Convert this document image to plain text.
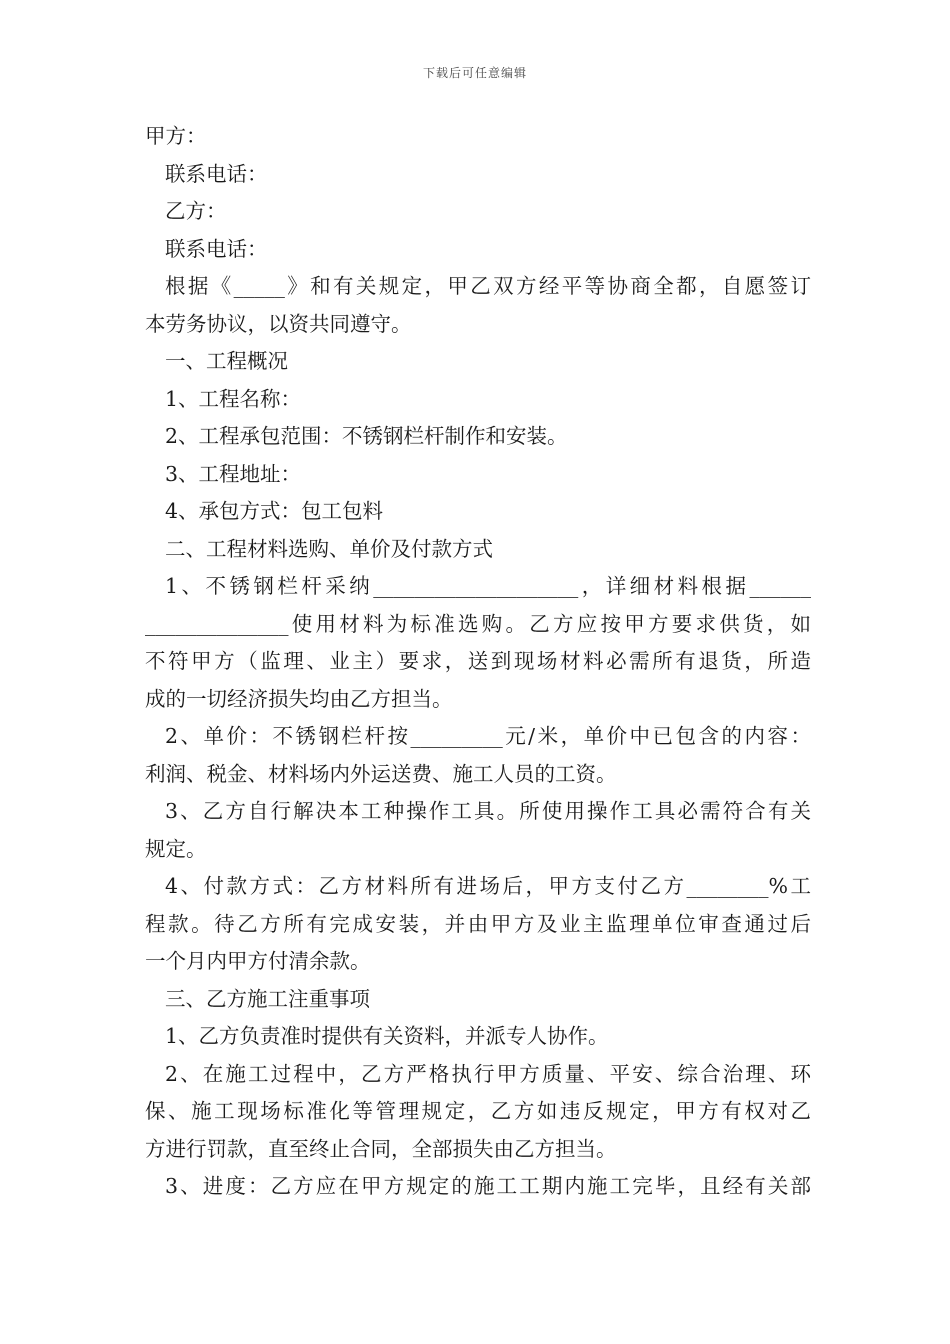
下载后可任意编辑
甲方：
联系电话：
乙方：
联系电话：
根据《_____》和有关规定，甲乙双方经平等协商全都，自愿签订
本劳务协议，以资共同遵守。
一、工程概况
1、工程名称：
2、工程承包范围：不锈钢栏杆制作和安装。
3、工程地址：
4、承包方式：包工包料
二、工程材料选购、单价及付款方式
1、不锈钢栏杆采纳____________________，详细材料根据______
______________使用材料为标准选购。乙方应按甲方要求供货，如
不符甲方（监理、业主）要求，送到现场材料必需所有退货，所造
成的一切经济损失均由乙方担当。
2、单价：不锈钢栏杆按_________元/米，单价中已包含的内容：
利润、税金、材料场内外运送费、施工人员的工资。
3、乙方自行解决本工种操作工具。所使用操作工具必需符合有关
规定。
4、付款方式：乙方材料所有进场后，甲方支付乙方________%工
程款。待乙方所有完成安装，并由甲方及业主监理单位审查通过后
一个月内甲方付清余款。
三、乙方施工注重事项
1、乙方负责准时提供有关资料，并派专人协作。
2、在施工过程中，乙方严格执行甲方质量、平安、综合治理、环
保、施工现场标准化等管理规定，乙方如违反规定，甲方有权对乙
方进行罚款，直至终止合同，全部损失由乙方担当。
3、进度：乙方应在甲方规定的施工工期内施工完毕，且经有关部
